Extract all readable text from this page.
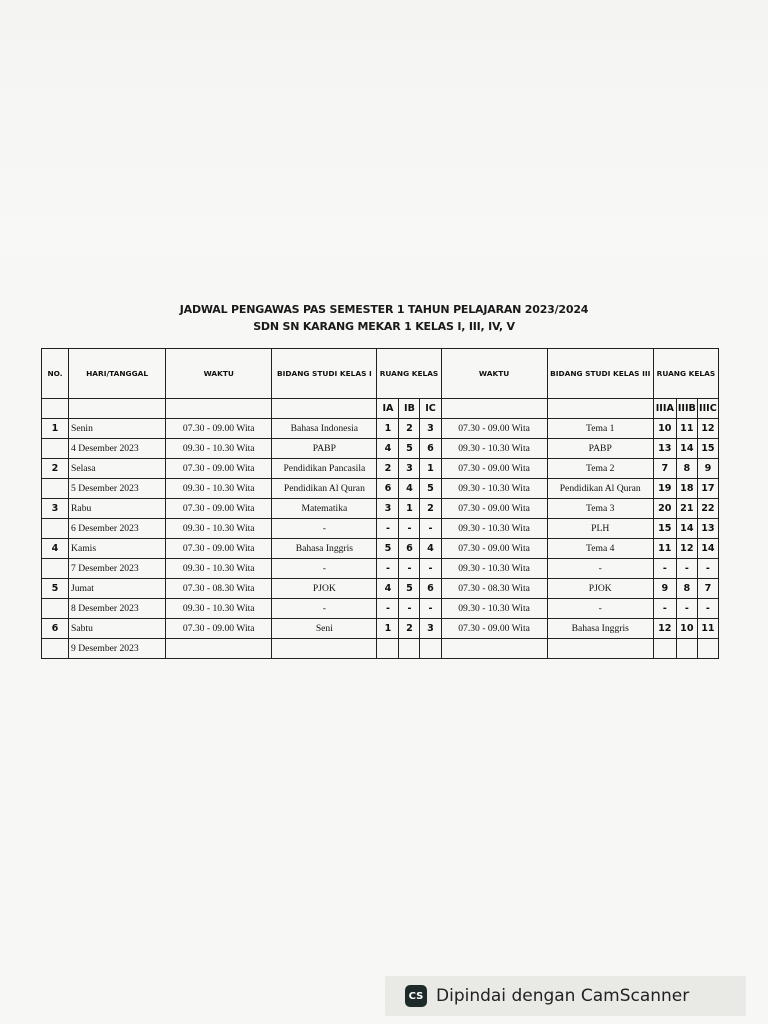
JADWAL PENGAWAS PAS SEMESTER 1 TAHUN PELAJARAN 2023/2024
SDN SN KARANG MEKAR 1 KELAS I, III, IV, V
NO.	HARI/TANGGAL	WAKTU	BIDANG STUDI KELAS I	RUANG KELAS			WAKTU	BIDANG STUDI KELAS III	RUANG KELAS		
				IA	IB	IC			IIIA	IIIB	IIIC
1	Senin	07.30 - 09.00 Wita	Bahasa Indonesia	1	2	3	07.30 - 09.00 Wita	Tema 1	10	11	12
	4 Desember 2023	09.30 - 10.30 Wita	PABP	4	5	6	09.30 - 10.30 Wita	PABP	13	14	15
2	Selasa	07.30 - 09.00 Wita	Pendidikan Pancasila	2	3	1	07.30 - 09.00 Wita	Tema 2	7	8	9
	5 Desember 2023	09.30 - 10.30 Wita	Pendidikan Al Quran	6	4	5	09.30 - 10.30 Wita	Pendidikan Al Quran	19	18	17
3	Rabu	07.30 - 09.00 Wita	Matematika	3	1	2	07.30 - 09.00 Wita	Tema 3	20	21	22
	6 Desember 2023	09.30 - 10.30 Wita	-	-	-	-	09.30 - 10.30 Wita	PLH	15	14	13
4	Kamis	07.30 - 09.00 Wita	Bahasa Inggris	5	6	4	07.30 - 09.00 Wita	Tema 4	11	12	14
	7 Desember 2023	09.30 - 10.30 Wita	-	-	-	-	09.30 - 10.30 Wita	-	-	-	-
5	Jumat	07.30 - 08.30 Wita	PJOK	4	5	6	07.30 - 08.30 Wita	PJOK	9	8	7
	8 Desember 2023	09.30 - 10.30 Wita	-	-	-	-	09.30 - 10.30 Wita	-	-	-	-
6	Sabtu	07.30 - 09.00 Wita	Seni	1	2	3	07.30 - 09.00 Wita	Bahasa Inggris	12	10	11
	9 Desember 2023										
CS Dipindai dengan CamScanner
